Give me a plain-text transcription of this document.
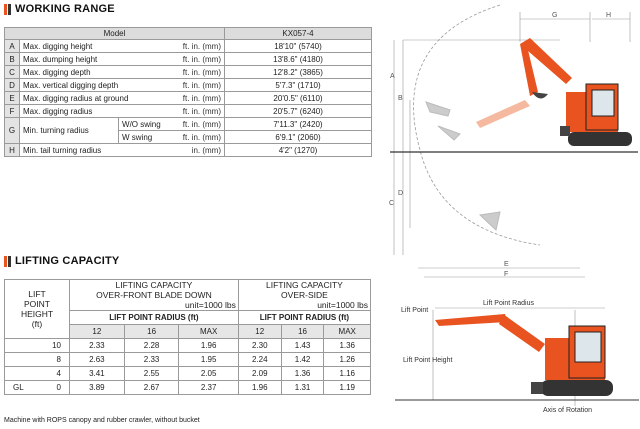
WORKING RANGE
Model				KX057-4
A	Max. digging height		ft. in. (mm)	18'10" (5740)
B	Max. dumping height		ft. in. (mm)	13'8.6" (4180)
C	Max. digging depth		ft. in. (mm)	12'8.2" (3865)
D	Max. vertical digging depth		ft. in. (mm)	5'7.3" (1710)
E	Max. digging radius at ground		ft. in. (mm)	20'0.5" (6110)
F	Max. digging radius		ft. in. (mm)	20'5.7" (6240)
G	Min. turning radius	W/O swing	ft. in. (mm)	7'11.3" (2420)
		W swing	ft. in. (mm)	6'9.1" (2060)
H	Min. tail turning radius		in. (mm)	4'2" (1270)
LIFTING CAPACITY
LIFT
POINT
HEIGHT
(ft)	LIFTING CAPACITY
OVER-FRONT BLADE DOWN

unit=1000 lbs			LIFTING CAPACITY
OVER-SIDE

unit=1000 lbs		

	LIFT POINT RADIUS (ft)			LIFT POINT RADIUS (ft)		
	12	16	MAX	12	16	MAX
10	2.33	2.28	1.96	2.30	1.43	1.36
8	2.63	2.33	1.95	2.24	1.42	1.26
4	3.41	2.55	2.05	2.09	1.36	1.16

GL 0	3.89	2.67	2.37	1.96	1.31	1.19
Machine with ROPS canopy and rubber crawler, without bucket
A
B
C
D
E
F
G	H
Lift Point
Lift Point Radius
Lift Point Height
Axis of Rotation
